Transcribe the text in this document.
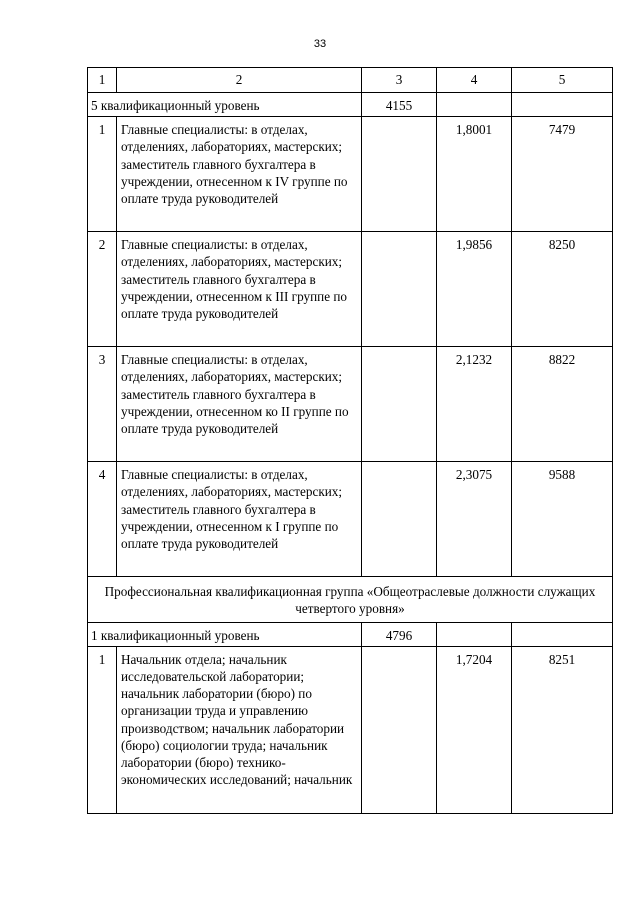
33
1	2	3	4	5
5 квалификационный уровень		4155		
1	Главные специалисты: в отделах, отделениях, лабораториях, мастерских; заместитель главного бухгалтера в учреждении, отнесенном к IV группе по оплате труда руководителей		1,8001	7479
2	Главные специалисты: в отделах, отделениях, лабораториях, мастерских; заместитель главного бухгалтера в учреждении, отнесенном к III группе по оплате труда руководителей		1,9856	8250
3	Главные специалисты: в отделах, отделениях, лабораториях, мастерских; заместитель главного бухгалтера в учреждении, отнесенном ко II группе по оплате труда руководителей		2,1232	8822
4	Главные специалисты: в отделах, отделениях, лабораториях, мастерских; заместитель главного бухгалтера в учреждении, отнесенном к I группе по оплате труда руководителей		2,3075	9588
Профессиональная квалификационная группа «Общеотраслевые должности служащих четвертого уровня»				
1 квалификационный уровень		4796		
1	Начальник отдела; начальник исследовательской лаборатории; начальник лаборатории (бюро) по организации труда и управлению производством; начальник лаборатории (бюро) социологии труда; начальник лаборатории (бюро) технико-экономических исследований; начальник		1,7204	8251
